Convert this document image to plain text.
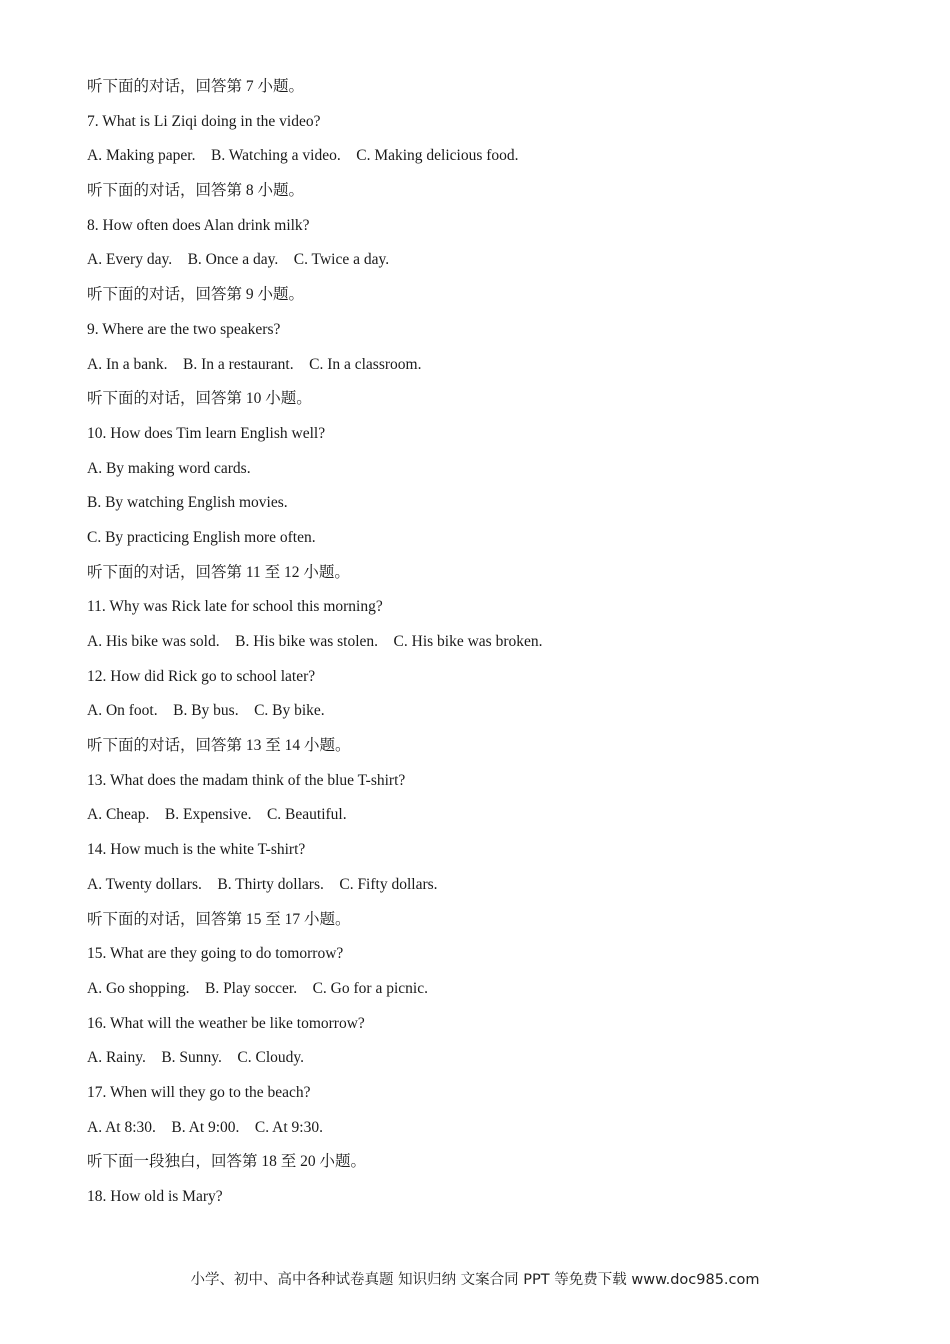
听下面的对话，回答第 7 小题。
7. What is Li Ziqi doing in the video?
A. Making paper.    B. Watching a video.    C. Making delicious food.
听下面的对话，回答第 8 小题。
8. How often does Alan drink milk?
A. Every day.    B. Once a day.    C. Twice a day.
听下面的对话，回答第 9 小题。
9. Where are the two speakers?
A. In a bank.    B. In a restaurant.    C. In a classroom.
听下面的对话，回答第 10 小题。
10. How does Tim learn English well?
A. By making word cards.
B. By watching English movies.
C. By practicing English more often.
听下面的对话，回答第 11 至 12 小题。
11. Why was Rick late for school this morning?
A. His bike was sold.    B. His bike was stolen.    C. His bike was broken.
12. How did Rick go to school later?
A. On foot.    B. By bus.    C. By bike.
听下面的对话，回答第 13 至 14 小题。
13. What does the madam think of the blue T-shirt?
A. Cheap.    B. Expensive.    C. Beautiful.
14. How much is the white T-shirt?
A. Twenty dollars.    B. Thirty dollars.    C. Fifty dollars.
听下面的对话，回答第 15 至 17 小题。
15. What are they going to do tomorrow?
A. Go shopping.    B. Play soccer.    C. Go for a picnic.
16. What will the weather be like tomorrow?
A. Rainy.    B. Sunny.    C. Cloudy.
17. When will they go to the beach?
A. At 8:30.    B. At 9:00.    C. At 9:30.
听下面一段独白，回答第 18 至 20 小题。
18. How old is Mary?
小学、初中、高中各种试卷真题 知识归纳 文案合同 PPT 等免费下载 www.doc985.com
